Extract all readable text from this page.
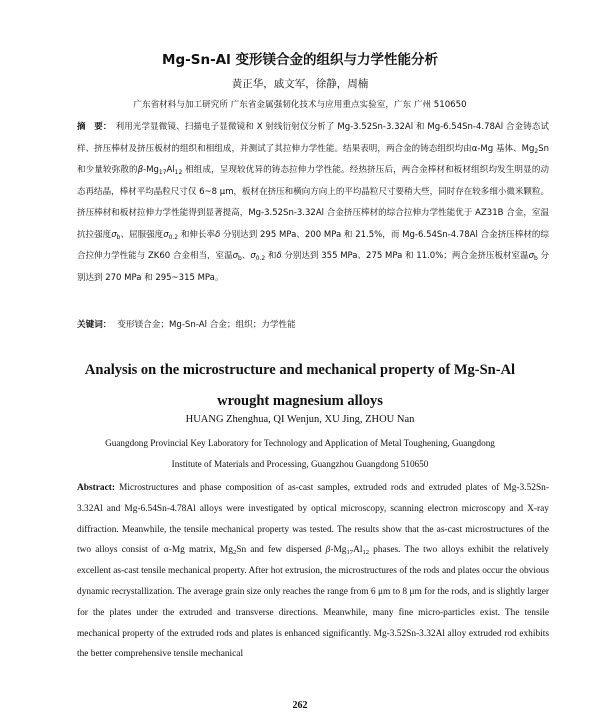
Mg-Sn-Al 变形镁合金的组织与力学性能分析
黄正华，戚文军，徐静，周楠
广东省材料与加工研究所 广东省金属强韧化技术与应用重点实验室，广东 广州 510650
摘　要： 利用光学显微镜、扫描电子显微镜和 X 射线衍射仪分析了 Mg-3.52Sn-3.32Al 和 Mg-6.54Sn-4.78Al 合金铸态试样、挤压棒材及挤压板材的组织和相组成，并测试了其拉伸力学性能。结果表明，两合金的铸态组织均由α-Mg 基体、$Mg_2Sn$ 和少量较弥散的$\beta-Mg_{17}Al_{12}$ 相组成，呈现较优异的铸态拉伸力学性能。经热挤压后，两合金棒材和板材组织均发生明显的动态再结晶，棒材平均晶粒尺寸仅 6~8 μm，板材在挤压和横向方向上的平均晶粒尺寸要稍大些，同时存在较多细小微米颗粒。挤压棒材和板材拉伸力学性能得到显著提高，Mg-3.52Sn-3.32Al 合金挤压棒材的综合拉伸力学性能优于 AZ31B 合金，室温抗拉强度$\sigma_b$、屈服强度$\sigma_{0.2}$ 和伸长率δ 分别达到 295 MPa、200 MPa 和 21.5%，而 Mg-6.54Sn-4.78Al 合金挤压棒材的综合拉伸力学性能与 ZK60 合金相当，室温$\sigma_b$、$\sigma_{0.2}$ 和δ 分别达到 355 MPa、275 MPa 和 11.0%；两合金挤压板材室温$\sigma_b$ 分别达到 270 MPa 和 295~315 MPa。
关键词： 变形镁合金；Mg-Sn-Al 合金；组织；力学性能
Analysis on the microstructure and mechanical property of Mg-Sn-Al
wrought magnesium alloys
HUANG Zhenghua, QI Wenjun, XU Jing, ZHOU Nan
Guangdong Provincial Key Laboratory for Technology and Application of Metal Toughening, Guangdong
Institute of Materials and Processing, Guangzhou Guangdong 510650
Abstract: Microstructures and phase composition of as-cast samples, extruded rods and extruded plates of Mg-3.52Sn-3.32Al and Mg-6.54Sn-4.78Al alloys were investigated by optical microscopy, scanning electron microscopy and X-ray diffraction. Meanwhile, the tensile mechanical property was tested. The results show that the as-cast microstructures of the two alloys consist of α-Mg matrix, $Mg_2Sn$ and few dispersed $\beta-Mg_{17}Al_{12}$ phases. The two alloys exhibit the relatively excellent as-cast tensile mechanical property. After hot extrusion, the microstructures of the rods and plates occur the obvious dynamic recrystallization. The average grain size only reaches the range from 6 μm to 8 μm for the rods, and is slightly larger for the plates under the extruded and transverse directions. Meanwhile, many fine micro-particles exist. The tensile mechanical property of the extruded rods and plates is enhanced significantly. Mg-3.52Sn-3.32Al alloy extruded rod exhibits the better comprehensive tensile mechanical
262
